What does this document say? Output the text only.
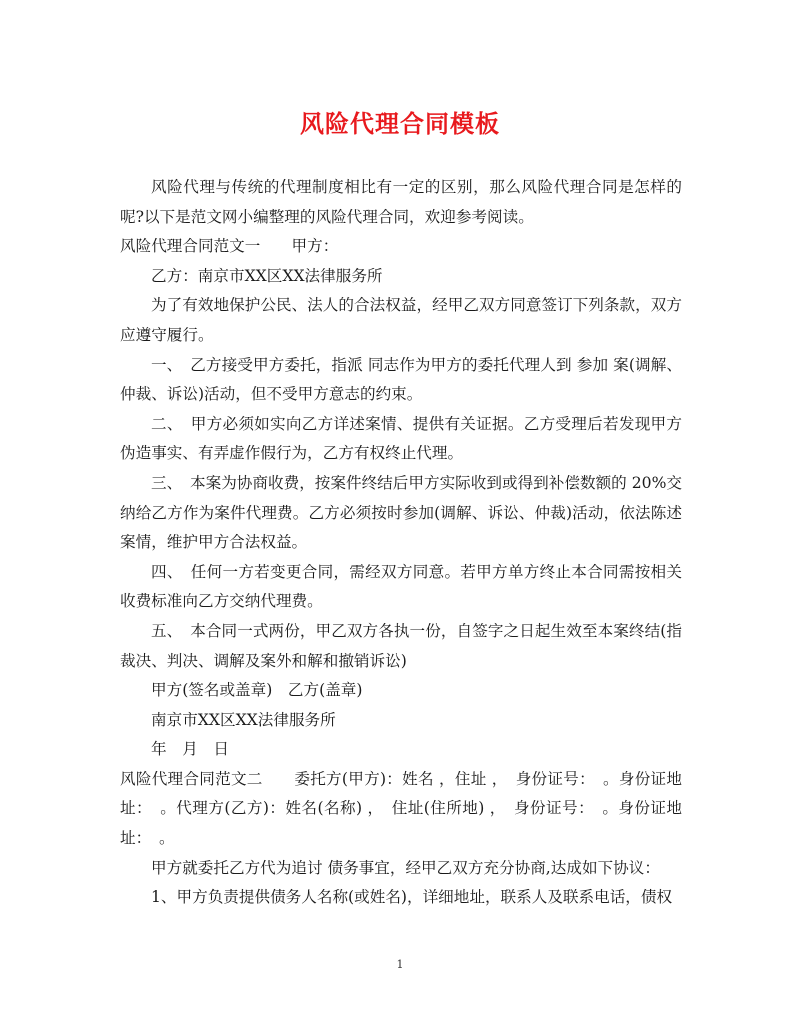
风险代理合同模板

风险代理与传统的代理制度相比有一定的区别，那么风险代理合同是怎样的呢?以下是范文网小编整理的风险代理合同，欢迎参考阅读。

风险代理合同范文一　　甲方：

乙方：南京市XX区XX法律服务所

为了有效地保护公民、法人的合法权益，经甲乙双方同意签订下列条款，双方应遵守履行。

一、　乙方接受甲方委托，指派 同志作为甲方的委托代理人到 参加 案(调解、仲裁、诉讼)活动，但不受甲方意志的约束。

二、　甲方必须如实向乙方详述案情、提供有关证据。乙方受理后若发现甲方伪造事实、有弄虚作假行为，乙方有权终止代理。

三、　本案为协商收费，按案件终结后甲方实际收到或得到补偿数额的 20%交纳给乙方作为案件代理费。乙方必须按时参加(调解、诉讼、仲裁)活动，依法陈述案情，维护甲方合法权益。

四、　任何一方若变更合同，需经双方同意。若甲方单方终止本合同需按相关收费标准向乙方交纳代理费。

五、　本合同一式两份，甲乙双方各执一份，自签字之日起生效至本案终结(指裁决、判决、调解及案外和解和撤销诉讼)

甲方(签名或盖章)　乙方(盖章)

南京市XX区XX法律服务所

年　月　日

风险代理合同范文二　　委托方(甲方)：姓名 ，住址 ，　身份证号：　。身份证地址：　。代理方(乙方)：姓名(名称) ，　住址(住所地) ，　身份证号：　。身份证地址：　。

甲方就委托乙方代为追讨 债务事宜，经甲乙双方充分协商,达成如下协议：

1、甲方负责提供债务人名称(或姓名)，详细地址，联系人及联系电话，债权

1
